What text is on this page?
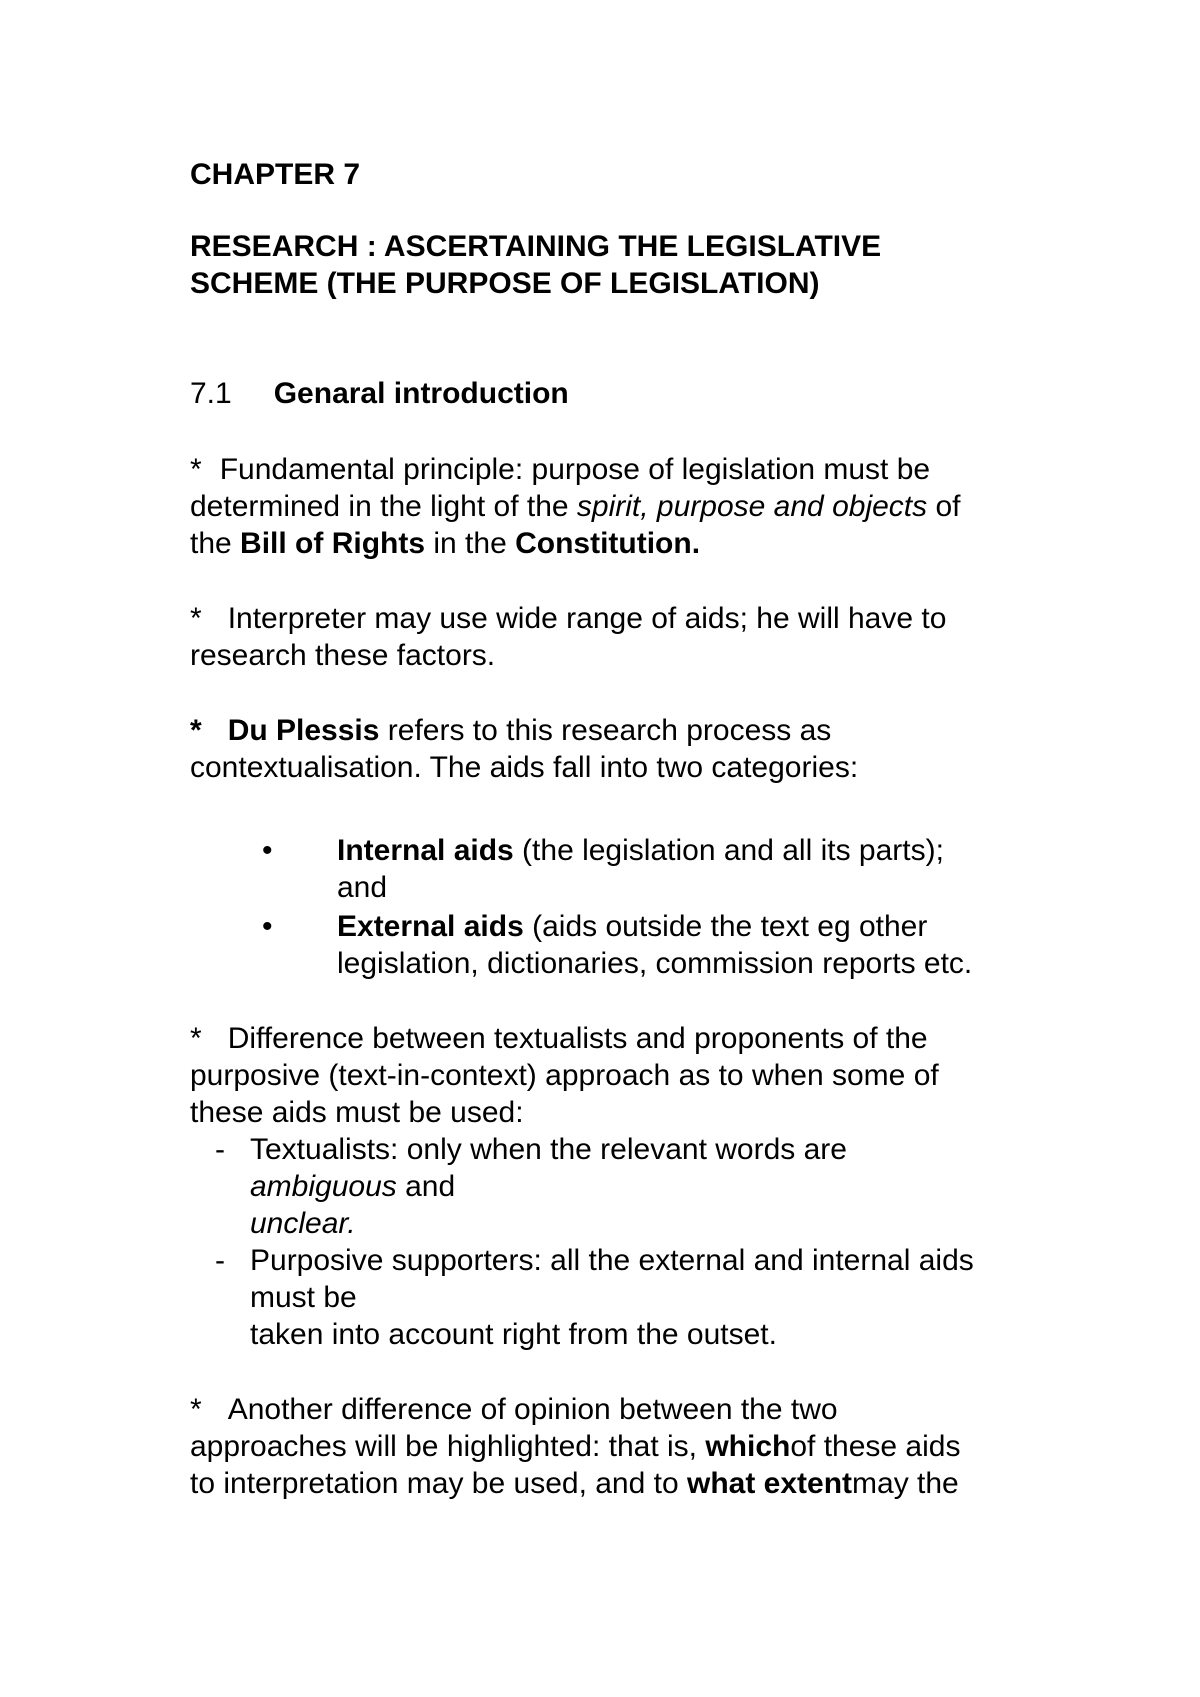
CHAPTER 7
RESEARCH : ASCERTAINING THE LEGISLATIVE
SCHEME (THE PURPOSE OF LEGISLATION)
7.1 Genaral introduction
* Fundamental principle: purpose of legislation must be
determined in the light of the spirit, purpose and objects of
the Bill of Rights in the Constitution.
* Interpreter may use wide range of aids; he will have to
research these factors.
* Du Plessis refers to this research process as
contextualisation. The aids fall into two categories:
• Internal aids (the legislation and all its parts);
and
• External aids (aids outside the text eg other
legislation, dictionaries, commission reports etc.
* Difference between textualists and proponents of the
purposive (text-in-context) approach as to when some of
these aids must be used:
- Textualists: only when the relevant words are
ambiguous and
unclear.
- Purposive supporters: all the external and internal aids
must be
taken into account right from the outset.
* Another difference of opinion between the two
approaches will be highlighted: that is, whichof these aids
to interpretation may be used, and to what extentmay the
